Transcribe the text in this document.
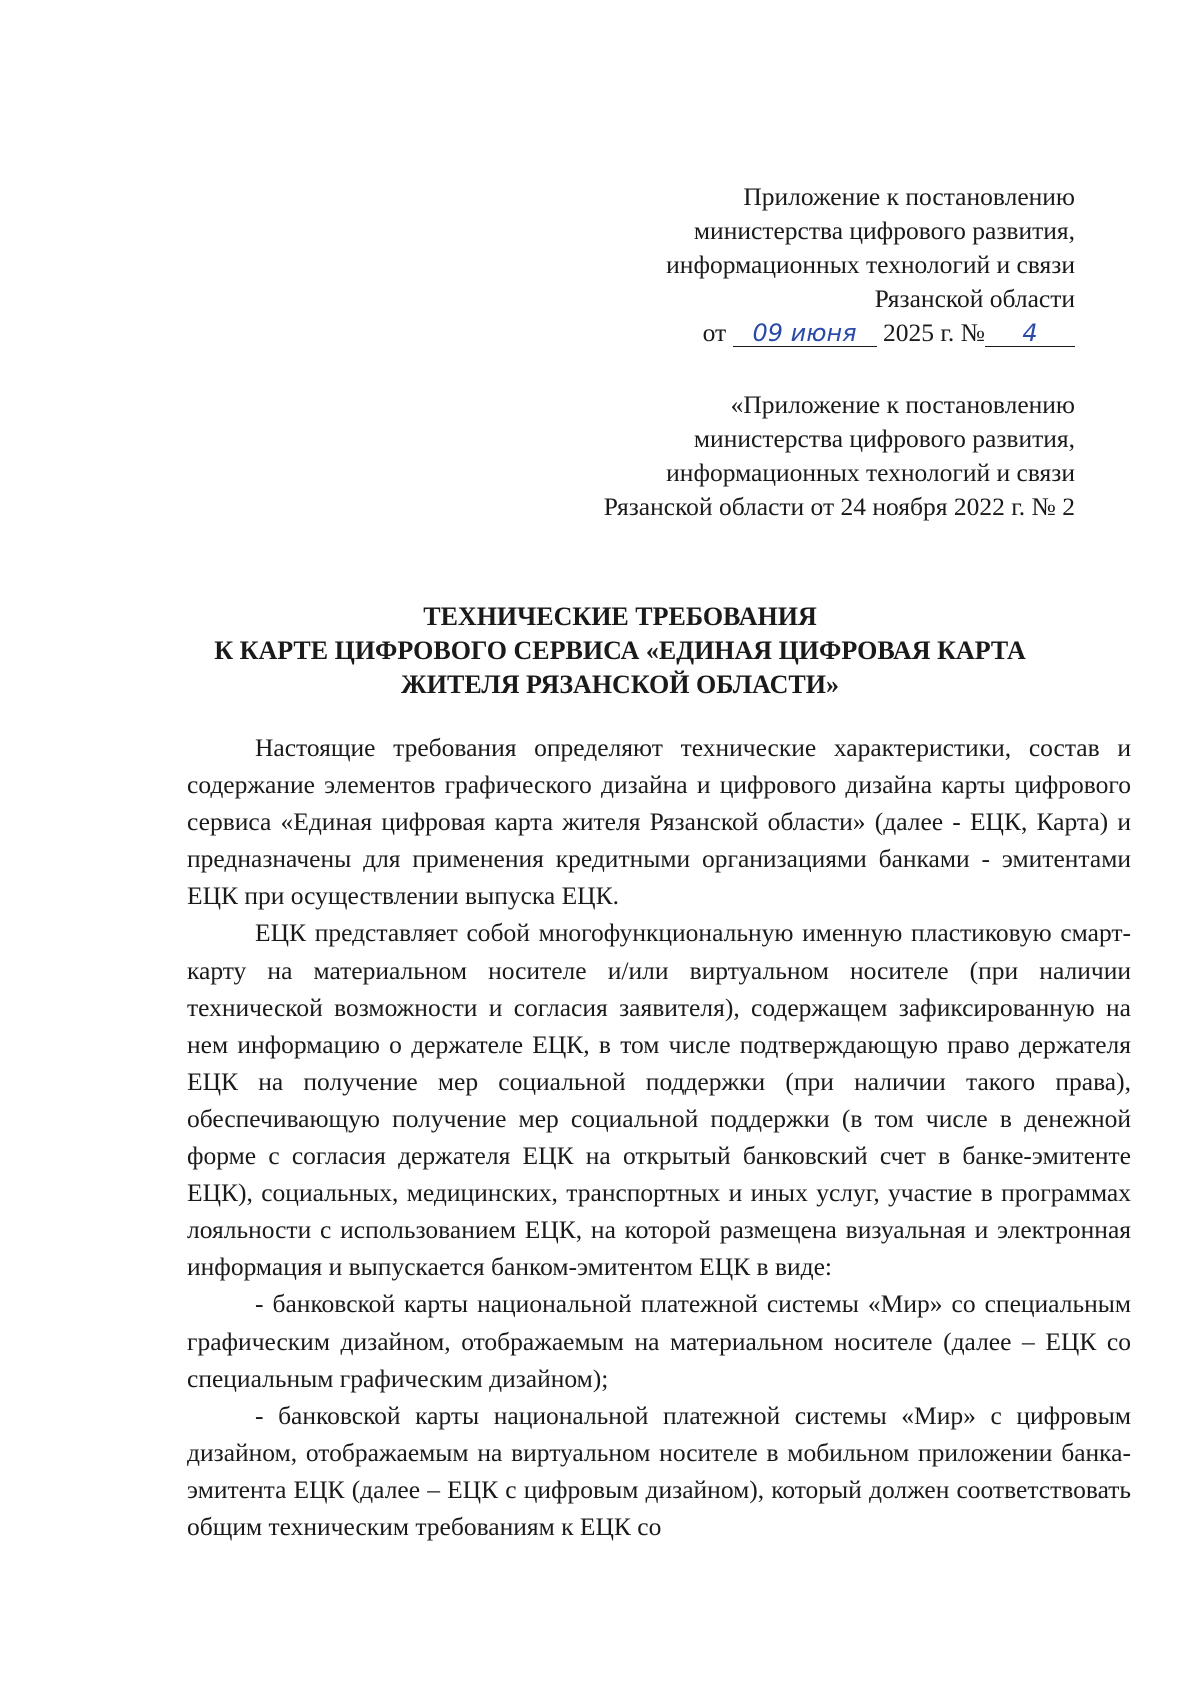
Приложение к постановлению
министерства цифрового развития,
информационных технологий и связи
Рязанской области
от 09 июня 2025 г. № 4
«Приложение к постановлению
министерства цифрового развития,
информационных технологий и связи
Рязанской области от 24 ноября 2022 г. № 2
ТЕХНИЧЕСКИЕ ТРЕБОВАНИЯ
К КАРТЕ ЦИФРОВОГО СЕРВИСА «ЕДИНАЯ ЦИФРОВАЯ КАРТА
ЖИТЕЛЯ РЯЗАНСКОЙ ОБЛАСТИ»

Настоящие требования определяют технические характеристики, состав и содержание элементов графического дизайна и цифрового дизайна карты цифрового сервиса «Единая цифровая карта жителя Рязанской области» (далее - ЕЦК, Карта) и предназначены для применения кредитными организациями банками - эмитентами ЕЦК при осуществлении выпуска ЕЦК.

ЕЦК представляет собой многофункциональную именную пластиковую смарт-карту на материальном носителе и/или виртуальном носителе (при наличии технической возможности и согласия заявителя), содержащем зафиксированную на нем информацию о держателе ЕЦК, в том числе подтверждающую право держателя ЕЦК на получение мер социальной поддержки (при наличии такого права), обеспечивающую получение мер социальной поддержки (в том числе в денежной форме с согласия держателя ЕЦК на открытый банковский счет в банке-эмитенте ЕЦК), социальных, медицинских, транспортных и иных услуг, участие в программах лояльности с использованием ЕЦК, на которой размещена визуальная и электронная информация и выпускается банком-эмитентом ЕЦК в виде:

- банковской карты национальной платежной системы «Мир» со специальным графическим дизайном, отображаемым на материальном носителе (далее – ЕЦК со специальным графическим дизайном);

- банковской карты национальной платежной системы «Мир» с цифровым дизайном, отображаемым на виртуальном носителе в мобильном приложении банка-эмитента ЕЦК (далее – ЕЦК с цифровым дизайном), который должен соответствовать общим техническим требованиям к ЕЦК со
